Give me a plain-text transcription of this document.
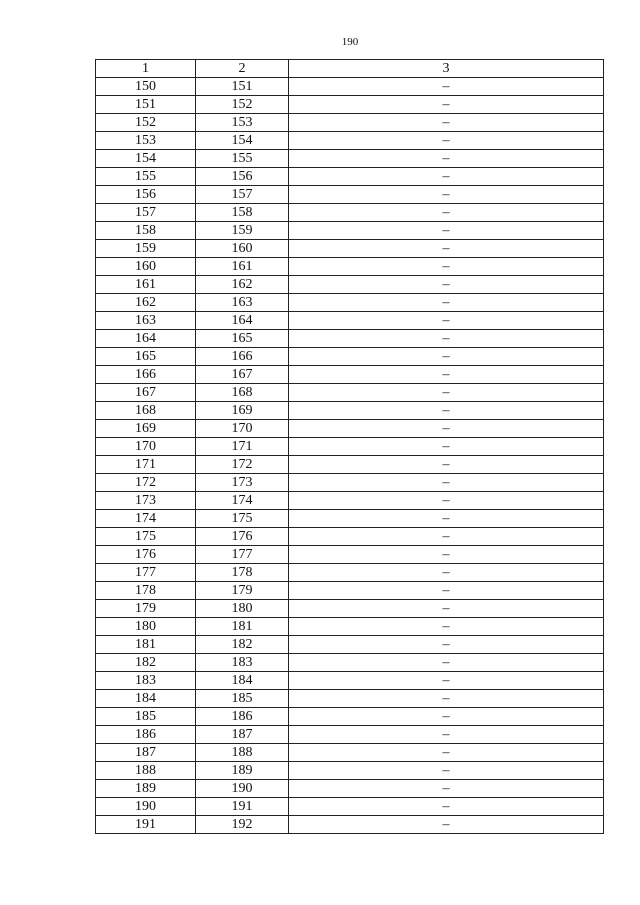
190
1	2	3
150	151	–
151	152	–
152	153	–
153	154	–
154	155	–
155	156	–
156	157	–
157	158	–
158	159	–
159	160	–
160	161	–
161	162	–
162	163	–
163	164	–
164	165	–
165	166	–
166	167	–
167	168	–
168	169	–
169	170	–
170	171	–
171	172	–
172	173	–
173	174	–
174	175	–
175	176	–
176	177	–
177	178	–
178	179	–
179	180	–
180	181	–
181	182	–
182	183	–
183	184	–
184	185	–
185	186	–
186	187	–
187	188	–
188	189	–
189	190	–
190	191	–
191	192	–
